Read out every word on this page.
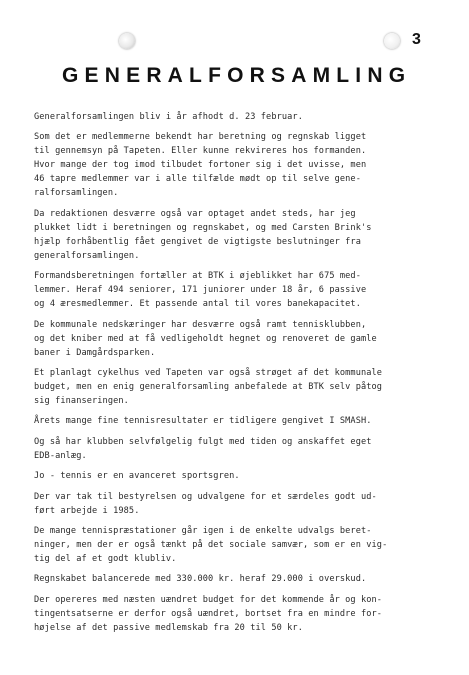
3
GENERALFORSAMLING

Generalforsamlingen bliv i år afhodt d. 23 februar.

Som det er medlemmerne bekendt har beretning og regnskab ligget
til gennemsyn på Tapeten. Eller kunne rekvireres hos formanden.
Hvor mange der tog imod tilbudet fortoner sig i det uvisse, men
46 tapre medlemmer var i alle tilfælde mødt op til selve gene-
ralforsamlingen.

Da redaktionen desværre også var optaget andet steds, har jeg
plukket lidt i beretningen og regnskabet, og med Carsten Brink's
hjælp forhåbentlig fået gengivet de vigtigste beslutninger fra
generalforsamlingen.

Formandsberetningen fortæller at BTK i øjeblikket har 675 med-
lemmer. Heraf 494 seniorer, 171 juniorer under 18 år, 6 passive
og 4 æresmedlemmer. Et passende antal til vores banekapacitet.

De kommunale nedskæringer har desværre også ramt tennisklubben,
og det kniber med at få vedligeholdt hegnet og renoveret de gamle
baner i Damgårdsparken.

Et planlagt cykelhus ved Tapeten var også strøget af det kommunale
budget, men en enig generalforsamling anbefalede at BTK selv påtog
sig finanseringen.

Årets mange fine tennisresultater er tidligere gengivet I SMASH.

Og så har klubben selvfølgelig fulgt med tiden og anskaffet eget
EDB-anlæg.

Jo - tennis er en avanceret sportsgren.

Der var tak til bestyrelsen og udvalgene for et særdeles godt ud-
ført arbejde i 1985.

De mange tennispræstationer går igen i de enkelte udvalgs beret-
ninger, men der er også tænkt på det sociale samvær, som er en vig-
tig del af et godt klubliv.

Regnskabet balancerede med 330.000 kr. heraf 29.000 i overskud.

Der opereres med næsten uændret budget for det kommende år og kon-
tingentsatserne er derfor også uændret, bortset fra en mindre for-
højelse af det passive medlemskab fra 20 til 50 kr.
